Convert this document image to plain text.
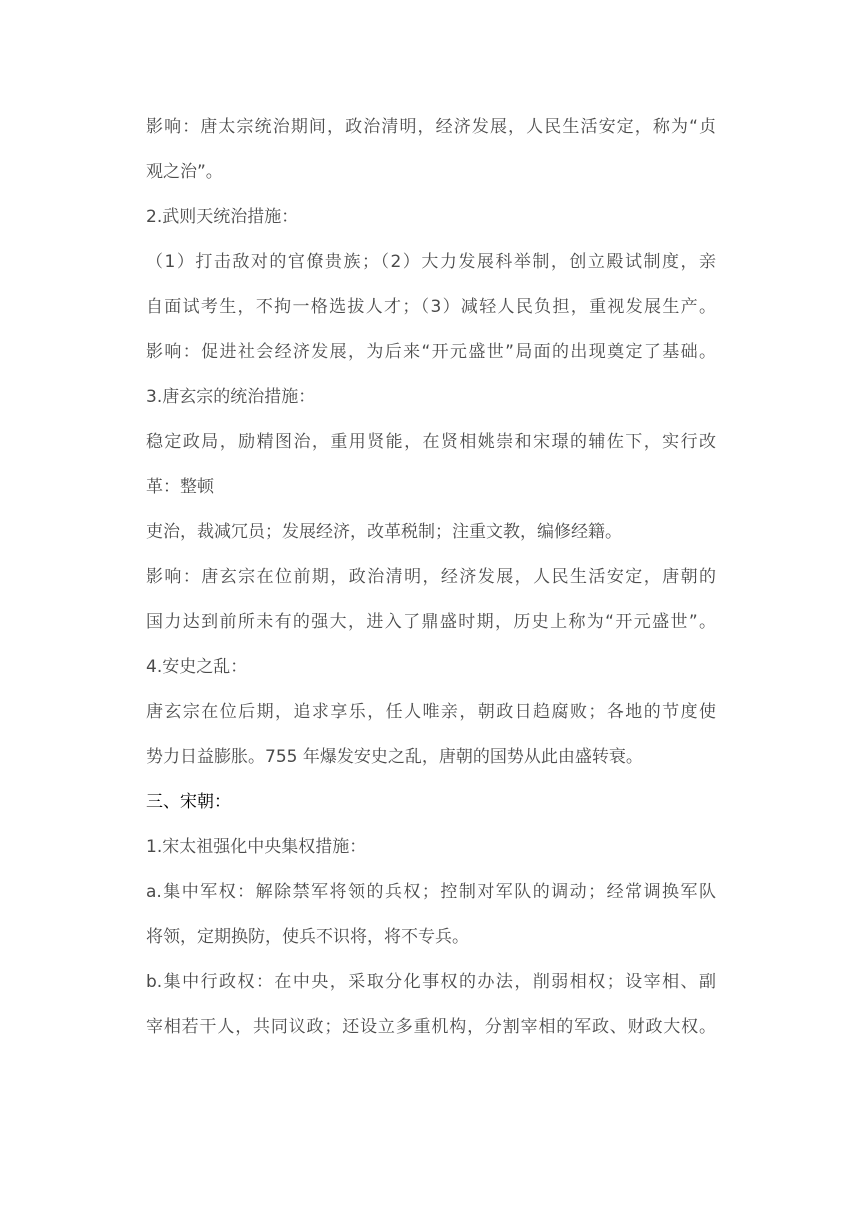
影响：唐太宗统治期间，政治清明，经济发展，人民生活安定，称为“贞
观之治”。
2.武则天统治措施：
（1）打击敌对的官僚贵族；（2）大力发展科举制，创立殿试制度，亲
自面试考生，不拘一格选拔人才；（3）减轻人民负担，重视发展生产。
影响：促进社会经济发展，为后来“开元盛世”局面的出现奠定了基础。
3.唐玄宗的统治措施：
稳定政局，励精图治，重用贤能，在贤相姚崇和宋璟的辅佐下，实行改
革：整顿
吏治，裁减冗员；发展经济，改革税制；注重文教，编修经籍。
影响：唐玄宗在位前期，政治清明，经济发展，人民生活安定，唐朝的
国力达到前所未有的强大，进入了鼎盛时期，历史上称为“开元盛世”。
4.安史之乱：
唐玄宗在位后期，追求享乐，任人唯亲，朝政日趋腐败；各地的节度使
势力日益膨胀。755 年爆发安史之乱，唐朝的国势从此由盛转衰。
三、宋朝：
1.宋太祖强化中央集权措施：
a.集中军权：解除禁军将领的兵权；控制对军队的调动；经常调换军队
将领，定期换防，使兵不识将，将不专兵。
b.集中行政权：在中央，采取分化事权的办法，削弱相权；设宰相、副
宰相若干人，共同议政；还设立多重机构，分割宰相的军政、财政大权。
